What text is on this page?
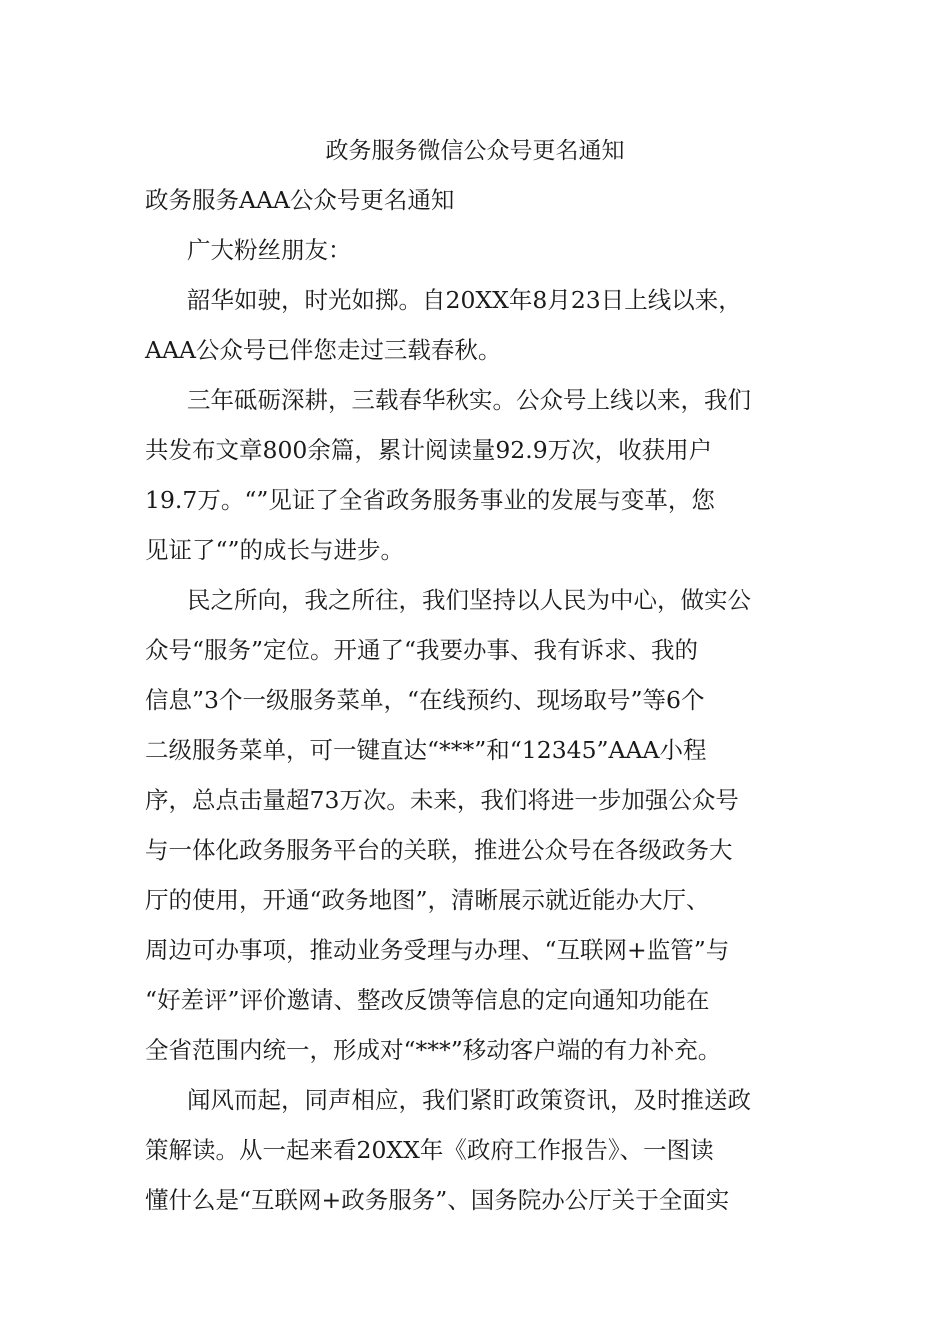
政务服务微信公众号更名通知

政务服务AAA公众号更名通知

广大粉丝朋友：

韶华如驶，时光如掷。自20XX年8月23日上线以来，

AAA公众号已伴您走过三载春秋。

三年砥砺深耕，三载春华秋实。公众号上线以来，我们

共发布文章800余篇，累计阅读量92.9万次，收获用户

19.7万。“”见证了全省政务服务事业的发展与变革，您

见证了“”的成长与进步。

民之所向，我之所往，我们坚持以人民为中心，做实公

众号“服务”定位。开通了“我要办事、我有诉求、我的

信息”3个一级服务菜单，“在线预约、现场取号”等6个

二级服务菜单，可一键直达“***”和“12345”AAA小程

序，总点击量超73万次。未来，我们将进一步加强公众号

与一体化政务服务平台的关联，推进公众号在各级政务大

厅的使用，开通“政务地图”，清晰展示就近能办大厅、

周边可办事项，推动业务受理与办理、“互联网+监管”与

“好差评”评价邀请、整改反馈等信息的定向通知功能在

全省范围内统一，形成对“***”移动客户端的有力补充。

闻风而起，同声相应，我们紧盯政策资讯，及时推送政

策解读。从一起来看20XX年《政府工作报告》、一图读

懂什么是“互联网+政务服务”、国务院办公厅关于全面实
